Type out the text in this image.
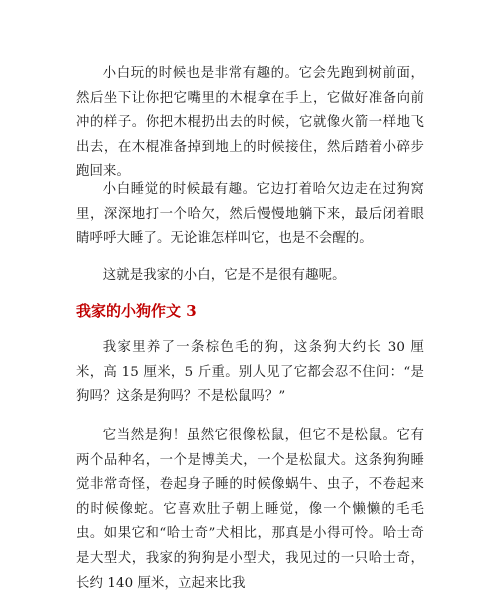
小白玩的时候也是非常有趣的。它会先跑到树前面，然后坐下让你把它嘴里的木棍拿在手上，它做好准备向前冲的样子。你把木棍扔出去的时候，它就像火箭一样地飞出去，在木棍准备掉到地上的时候接住，然后踏着小碎步跑回来。

小白睡觉的时候最有趣。它边打着哈欠边走在过狗窝里，深深地打一个哈欠，然后慢慢地躺下来，最后闭着眼睛呼呼大睡了。无论谁怎样叫它，也是不会醒的。

这就是我家的小白，它是不是很有趣呢。

我家的小狗作文 3

我家里养了一条棕色毛的狗，这条狗大约长 30 厘米，高 15 厘米，5 斤重。别人见了它都会忍不住问：“是狗吗？这条是狗吗？不是松鼠吗？”

它当然是狗！虽然它很像松鼠，但它不是松鼠。它有两个品种名，一个是博美犬，一个是松鼠犬。这条狗狗睡觉非常奇怪，卷起身子睡的时候像蜗牛、虫子，不卷起来的时候像蛇。它喜欢肚子朝上睡觉，像一个懒懒的毛毛虫。如果它和“哈士奇”犬相比，那真是小得可怜。哈士奇是大型犬，我家的狗狗是小型犬，我见过的一只哈士奇，长约 140 厘米，立起来比我
